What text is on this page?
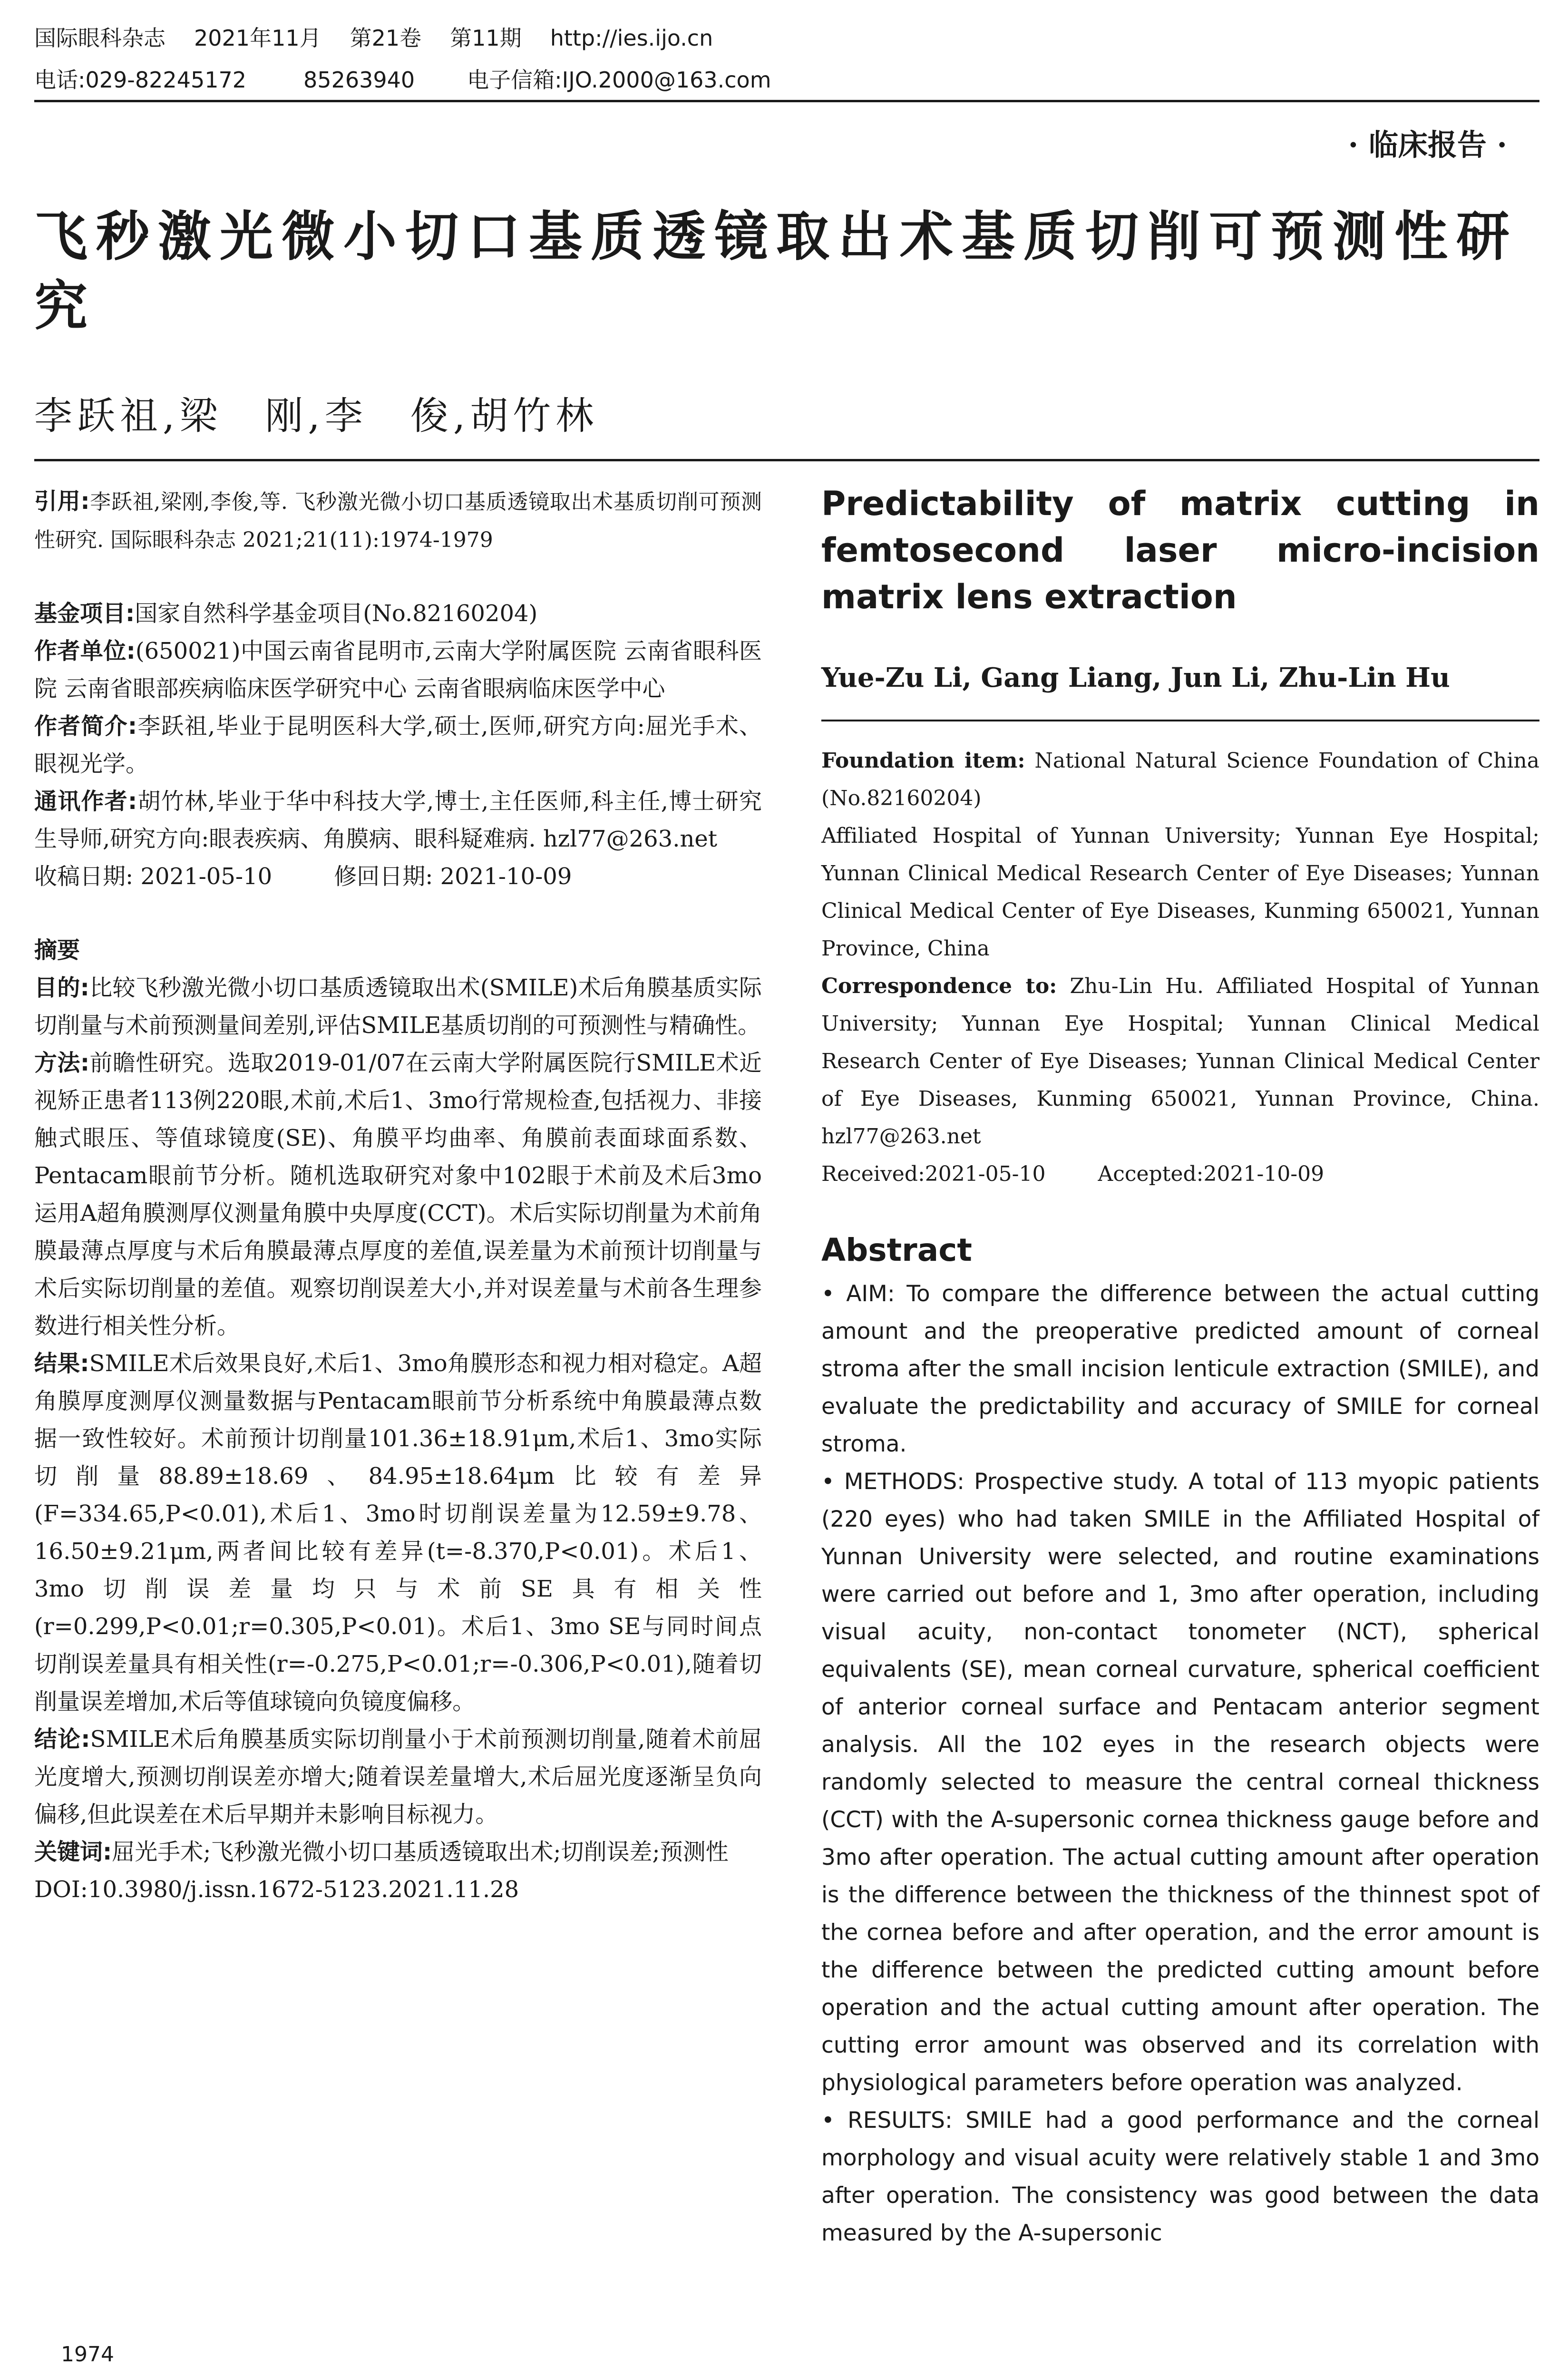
国际眼科杂志 2021年11月 第21卷 第11期 http://ies.ijo.cn
电话:029-82245172	85263940 电子信箱:IJO.2000@163.com
· 临床报告 ·
飞秒激光微小切口基质透镜取出术基质切削可预测性研究
李跃祖,梁　刚,李　俊,胡竹林

引用:李跃祖,梁刚,李俊,等. 飞秒激光微小切口基质透镜取出术基质切削可预测性研究. 国际眼科杂志 2021;21(11):1974-1979

基金项目:国家自然科学基金项目(No.82160204)

作者单位:(650021)中国云南省昆明市,云南大学附属医院 云南省眼科医院 云南省眼部疾病临床医学研究中心 云南省眼病临床医学中心

作者简介:李跃祖,毕业于昆明医科大学,硕士,医师,研究方向:屈光手术、眼视光学。

通讯作者:胡竹林,毕业于华中科技大学,博士,主任医师,科主任,博士研究生导师,研究方向:眼表疾病、角膜病、眼科疑难病. hzl77@263.net

收稿日期: 2021-05-10	修回日期: 2021-10-09

摘要

目的:比较飞秒激光微小切口基质透镜取出术(SMILE)术后角膜基质实际切削量与术前预测量间差别,评估SMILE基质切削的可预测性与精确性。

方法:前瞻性研究。选取2019-01/07在云南大学附属医院行SMILE术近视矫正患者113例220眼,术前,术后1、3mo行常规检查,包括视力、非接触式眼压、等值球镜度(SE)、角膜平均曲率、角膜前表面球面系数、Pentacam眼前节分析。随机选取研究对象中102眼于术前及术后3mo运用A超角膜测厚仪测量角膜中央厚度(CCT)。术后实际切削量为术前角膜最薄点厚度与术后角膜最薄点厚度的差值,误差量为术前预计切削量与术后实际切削量的差值。观察切削误差大小,并对误差量与术前各生理参数进行相关性分析。

结果:SMILE术后效果良好,术后1、3mo角膜形态和视力相对稳定。A超角膜厚度测厚仪测量数据与Pentacam眼前节分析系统中角膜最薄点数据一致性较好。术前预计切削量101.36±18.91μm,术后1、3mo实际切削量88.89±18.69、84.95±18.64μm比较有差异(F=334.65,P<0.01),术后1、3mo时切削误差量为12.59±9.78、16.50±9.21μm,两者间比较有差异(t=-8.370,P<0.01)。术后1、3mo切削误差量均只与术前SE具有相关性(r=0.299,P<0.01;r=0.305,P<0.01)。术后1、3mo SE与同时间点切削误差量具有相关性(r=-0.275,P<0.01;r=-0.306,P<0.01),随着切削量误差增加,术后等值球镜向负镜度偏移。

结论:SMILE术后角膜基质实际切削量小于术前预测切削量,随着术前屈光度增大,预测切削误差亦增大;随着误差量增大,术后屈光度逐渐呈负向偏移,但此误差在术后早期并未影响目标视力。

关键词:屈光手术;飞秒激光微小切口基质透镜取出术;切削误差;预测性

DOI:10.3980/j.issn.1672-5123.2021.11.28

Predictability of matrix cutting in femtosecond laser micro-incision matrix lens extraction
Yue-Zu Li, Gang Liang, Jun Li, Zhu-Lin Hu

Foundation item: National Natural Science Foundation of China (No.82160204)

Affiliated Hospital of Yunnan University; Yunnan Eye Hospital; Yunnan Clinical Medical Research Center of Eye Diseases; Yunnan Clinical Medical Center of Eye Diseases, Kunming 650021, Yunnan Province, China

Correspondence to: Zhu-Lin Hu. Affiliated Hospital of Yunnan University; Yunnan Eye Hospital; Yunnan Clinical Medical Research Center of Eye Diseases; Yunnan Clinical Medical Center of Eye Diseases, Kunming 650021, Yunnan Province, China. hzl77@263.net

Received:2021-05-10	Accepted:2021-10-09

Abstract

• AIM: To compare the difference between the actual cutting amount and the preoperative predicted amount of corneal stroma after the small incision lenticule extraction (SMILE), and evaluate the predictability and accuracy of SMILE for corneal stroma.

• METHODS: Prospective study. A total of 113 myopic patients (220 eyes) who had taken SMILE in the Affiliated Hospital of Yunnan University were selected, and routine examinations were carried out before and 1, 3mo after operation, including visual acuity, non-contact tonometer (NCT), spherical equivalents (SE), mean corneal curvature, spherical coefficient of anterior corneal surface and Pentacam anterior segment analysis. All the 102 eyes in the research objects were randomly selected to measure the central corneal thickness (CCT) with the A-supersonic cornea thickness gauge before and 3mo after operation. The actual cutting amount after operation is the difference between the thickness of the thinnest spot of the cornea before and after operation, and the error amount is the difference between the predicted cutting amount before operation and the actual cutting amount after operation. The cutting error amount was observed and its correlation with physiological parameters before operation was analyzed.

• RESULTS: SMILE had a good performance and the corneal morphology and visual acuity were relatively stable 1 and 3mo after operation. The consistency was good between the data measured by the A-supersonic

1974
